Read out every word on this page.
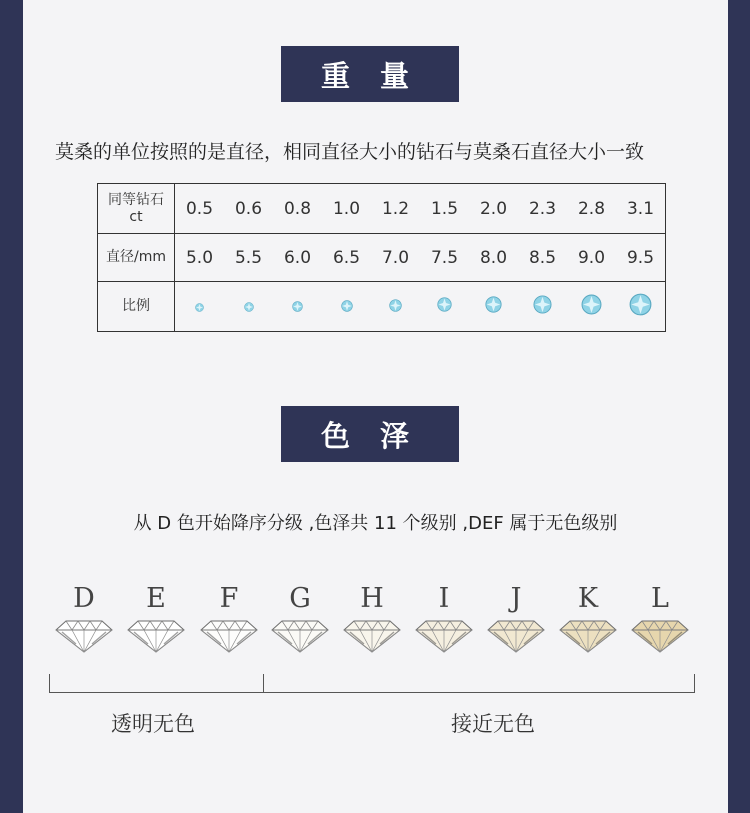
重 量
莫桑的单位按照的是直径，相同直径大小的钻石与莫桑石直径大小一致
同等钻石
ct	0.5	0.6	0.8	1.0	1.2	1.5	2.0	2.3	2.8	3.1
直径/mm	5.0	5.5	6.0	6.5	7.0	7.5	8.0	8.5	9.0	9.5
比例										
色 泽
从 D 色开始降序分级 ,色泽共 11 个级别 ,DEF 属于无色级别
D	E	F	G	H	I	J	K	L
透明无色	接近无色
